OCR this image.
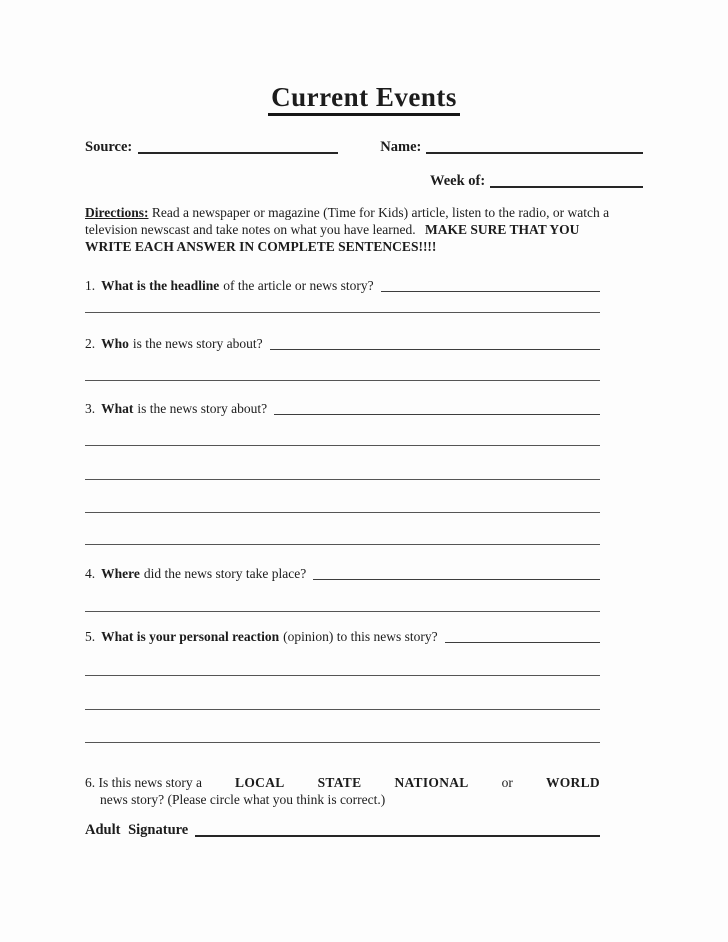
Current Events
Source:	Name:
Week of:
Directions: Read a newspaper or magazine (Time for Kids) article, listen to the radio, or watch a
television newscast and take notes on what you have learned. MAKE SURE THAT YOU
WRITE EACH ANSWER IN COMPLETE SENTENCES!!!!
1. What is the headline of the article or news story?
2. Who is the news story about?
3. What is the news story about?
4. Where did the news story take place?
5. What is your personal reaction (opinion) to this news story?
6. Is this news story a LOCAL STATE NATIONAL or WORLD
news story? (Please circle what you think is correct.)
Adult Signature
